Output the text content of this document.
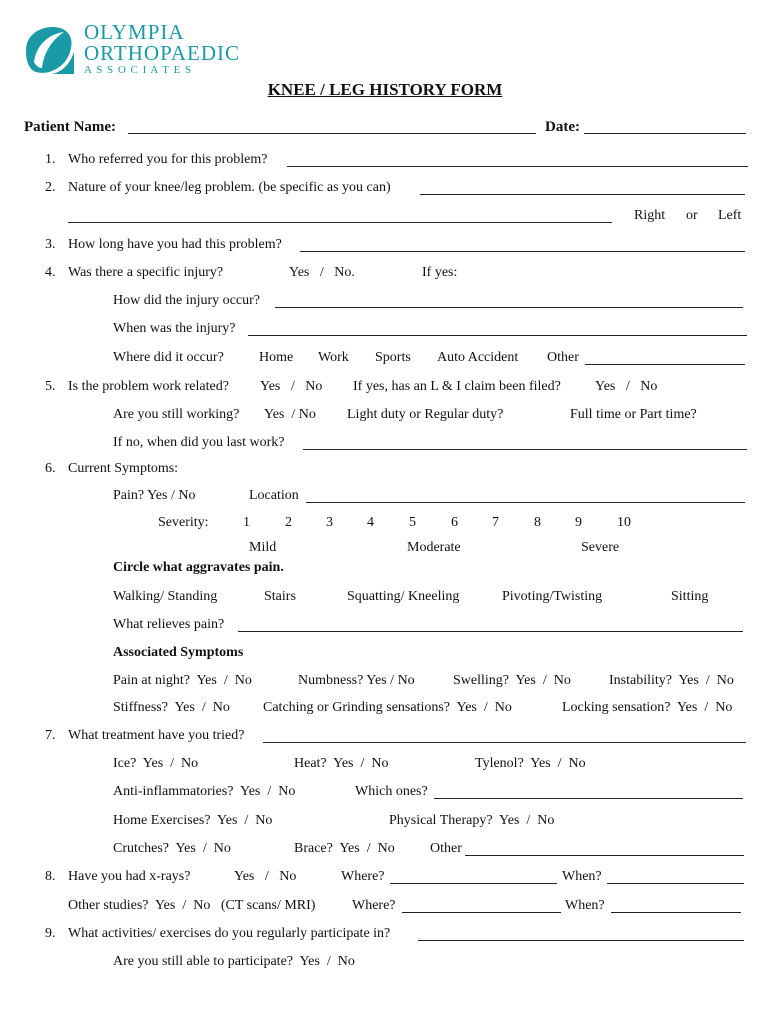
OLYMPIA
ORTHOPAEDIC
A S S O C I A T E S
KNEE / LEG HISTORY FORM
Patient Name:	Date:
1. Who referred you for this problem?
2. Nature of your knee/leg problem. (be specific as you can)
Right or Left
3. How long have you had this problem?
4. Was there a specific injury?	Yes   /   No.	If yes:
How did the injury occur?
When was the injury?
Where did it occur?	Home Work Sports Auto Accident Other
5. Is the problem work related? Yes   /   No If yes, has an L & I claim been filed? Yes   /   No
Are you still working? Yes  / No Light duty or Regular duty?	Full time or Part time?
If no, when did you last work?
6. Current Symptoms:
Pain? Yes / No	Location
Severity: 1	2 3 4	5	6 7	8 9	10
Mild	Moderate	Severe
Circle what aggravates pain.
Walking/ Standing	Stairs	Squatting/ Kneeling	Pivoting/Twisting	Sitting
What relieves pain?
Associated Symptoms
Pain at night?  Yes  /  No	Numbness? Yes / No	Swelling?  Yes  /  No	Instability?  Yes  /  No
Stiffness?  Yes  /  No Catching or Grinding sensations?  Yes  /  No	Locking sensation?  Yes  /  No
7. What treatment have you tried?
Ice?  Yes  /  No	Heat?  Yes  /  No	Tylenol?  Yes  /  No
Anti-inflammatories?  Yes  /  No	Which ones?
Home Exercises?  Yes  /  No	Physical Therapy?  Yes  /  No
Crutches?  Yes  /  No	Brace?  Yes  /  No	Other
8. Have you had x-rays?	Yes   /   No	Where?	When?
Other studies?  Yes  /  No   (CT scans/ MRI)	Where?	When?
9. What activities/ exercises do you regularly participate in?
Are you still able to participate?  Yes  /  No
